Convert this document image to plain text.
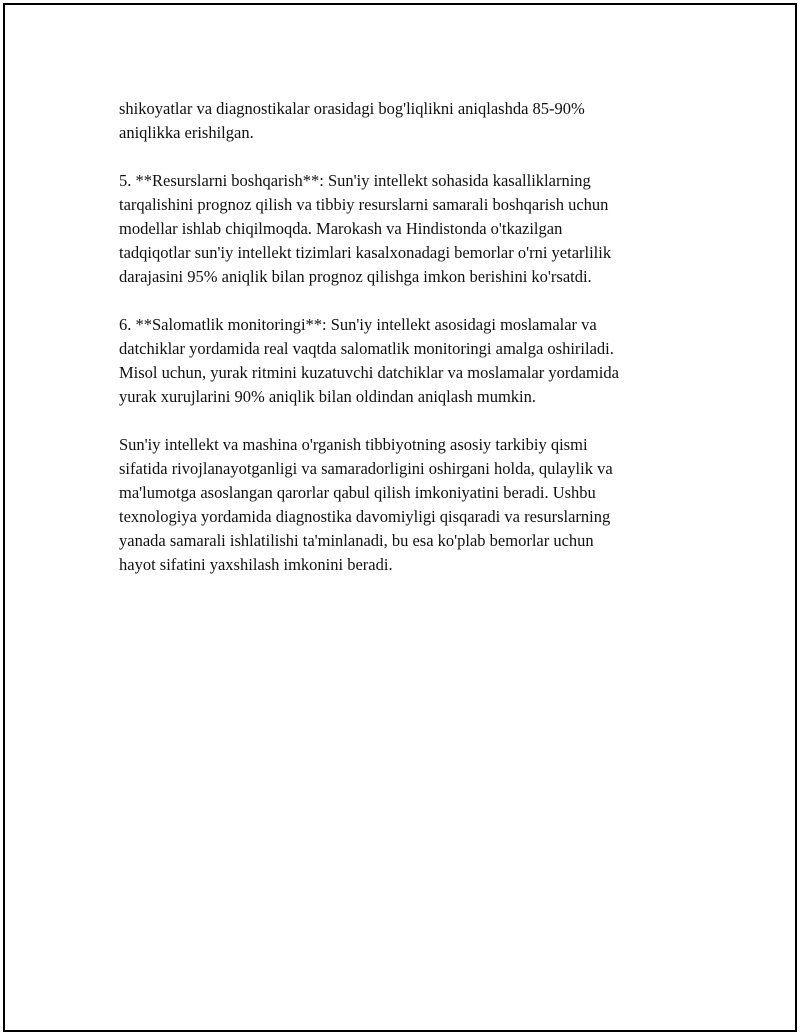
shikoyatlar va diagnostikalar orasidagi bog'liqlikni aniqlashda 85-90%
aniqlikka erishilgan.

5. **Resurslarni boshqarish**: Sun'iy intellekt sohasida kasalliklarning
tarqalishini prognoz qilish va tibbiy resurslarni samarali boshqarish uchun
modellar ishlab chiqilmoqda. Marokash va Hindistonda o'tkazilgan
tadqiqotlar sun'iy intellekt tizimlari kasalxonadagi bemorlar o'rni yetarlilik
darajasini 95% aniqlik bilan prognoz qilishga imkon berishini ko'rsatdi.

6. **Salomatlik monitoringi**: Sun'iy intellekt asosidagi moslamalar va
datchiklar yordamida real vaqtda salomatlik monitoringi amalga oshiriladi.
Misol uchun, yurak ritmini kuzatuvchi datchiklar va moslamalar yordamida
yurak xurujlarini 90% aniqlik bilan oldindan aniqlash mumkin.

Sun'iy intellekt va mashina o'rganish tibbiyotning asosiy tarkibiy qismi
sifatida rivojlanayotganligi va samaradorligini oshirgani holda, qulaylik va
ma'lumotga asoslangan qarorlar qabul qilish imkoniyatini beradi. Ushbu
texnologiya yordamida diagnostika davomiyligi qisqaradi va resurslarning
yanada samarali ishlatilishi ta'minlanadi, bu esa ko'plab bemorlar uchun
hayot sifatini yaxshilash imkonini beradi.
